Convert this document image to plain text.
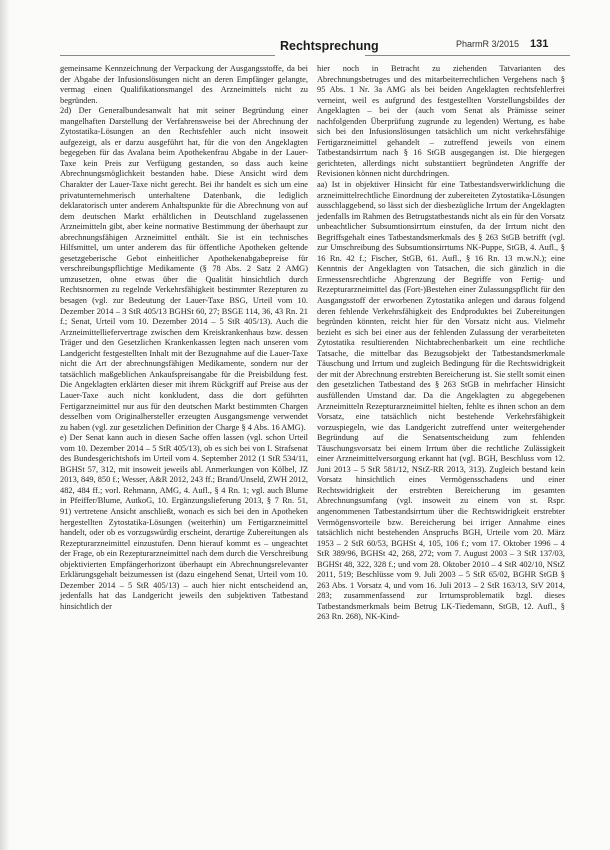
Rechtsprechung	PharmR 3/2015 131

gemeinsame Kennzeichnung der Verpackung der Ausgangsstoffe, da bei der Abgabe der Infusionslösungen nicht an deren Empfänger gelangte, vermag einen Qualifikationsmangel des Arzneimittels nicht zu begründen.

2d) Der Generalbundesanwalt hat mit seiner Begründung einer mangelhaften Darstellung der Verfahrensweise bei der Abrechnung der Zytostatika-Lösungen an den Rechtsfehler auch nicht insoweit aufgezeigt, als er darzu ausgeführt hat, für die von den Angeklagten begegeben für das Avalana beim Apothekenfrau Abgabe in der Lauer-Taxe kein Preis zur Verfügung gestanden, so dass auch keine Abrechnungsmöglichkeit bestanden habe. Diese Ansicht wird dem Charakter der Lauer-Taxe nicht gerecht. Bei ihr handelt es sich um eine privatunternehmerisch unterhaltene Datenbank, die lediglich deklaratorisch unter anderem Anhaltspunkte für die Abrechnung von auf dem deutschen Markt erhältlichen in Deutschland zugelassenen Arzneimitteln gibt, aber keine normative Bestimmung der überhaupt zur abrechnungsfähigen Arzneimittel enthält. Sie ist ein technisches Hilfsmittel, um unter anderem das für öffentliche Apotheken geltende gesetzgeberische Gebot einheitlicher Apothekenabgabepreise für verschreibungspflichtige Medikamente (§ 78 Abs. 2 Satz 2 AMG) umzusetzen, ohne etwas über die Qualität hinsichtlich durch Rechtsnormen zu regelnde Verkehrsfähigkeit bestimmter Rezepturen zu besagen (vgl. zur Bedeutung der Lauer-Taxe BSG, Urteil vom 10. Dezember 2014 – 3 StR 405/13 BGHSt 60, 27; BSGE 114, 36, 43 Rn. 21 f.; Senat, Urteil vom 10. Dezember 2014 – 5 StR 405/13). Auch die Arzneimittelliefervertrage zwischen dem Kreiskrankenhaus bzw. dessen Träger und den Gesetzlichen Krankenkassen legten nach unseren vom Landgericht festgestellten Inhalt mit der Bezugnahme auf die Lauer-Taxe nicht die Art der abrechnungsfähigen Medikamente, sondern nur der tatsächlich maßgeblichen Ankaufspreisangabe für die Preisbildung fest. Die Angeklagten erklärten dieser mit ihrem Rückgriff auf Preise aus der Lauer-Taxe auch nicht konkludent, dass die dort geführten Fertigarzneimittel nur aus für den deutschen Markt bestimmten Chargen desselben vom Originalhersteller erzeugten Ausgangsmenge verwendet zu haben (vgl. zur gesetzlichen Definition der Charge § 4 Abs. 16 AMG).

e) Der Senat kann auch in diesen Sache offen lassen (vgl. schon Urteil vom 10. Dezember 2014 – 5 StR 405/13), ob es sich bei von I. Strafsenat des Bundesgerichtshofs im Urteil vom 4. September 2012 (1 StR 534/11, BGHSt 57, 312, mit insoweit jeweils abl. Anmerkungen von Kölbel, JZ 2013, 849, 850 f.; Wesser, A&R 2012, 243 ff.; Brand/Unseld, ZWH 2012, 482, 484 ff.; vorl. Rehmann, AMG, 4. Aufl., § 4 Rn. 1; vgl. auch Blume in Pfeiffer/Blume, AutkoG, 10. Ergänzungslieferung 2013, § 7 Rn. 51, 91) vertretene Ansicht anschließt, wonach es sich bei den in Apotheken hergestellten Zytostatika-Lösungen (weiterhin) um Fertigarzneimittel handelt, oder ob es vorzugswürdig erscheint, derartige Zubereitungen als Rezepturarzneimittel einzustufen. Denn hierauf kommt es – ungeachtet der Frage, ob ein Rezepturarzneimittel nach dem durch die Verschreibung objektivierten Empfängerhorizont überhaupt ein Abrechnungsrelevanter Erklärungsgehalt beizumessen ist (dazu eingehend Senat, Urteil vom 10. Dezember 2014 – 5 StR 405/13) – auch hier nicht entscheidend an, jedenfalls hat das Landgericht jeweils den subjektiven Tatbestand hinsichtlich der

hier noch in Betracht zu ziehenden Tatvarianten des Abrechnungsbetruges und des mitarbeiterrechtlichen Vergehens nach § 95 Abs. 1 Nr. 3a AMG als bei beiden Angeklagten rechtsfehlerfrei verneint, weil es aufgrund des festgestellten Vorstellungsbildes der Angeklagten – bei der (auch vom Senat als Prämisse seiner nachfolgenden Überprüfung zugrunde zu legenden) Wertung, es habe sich bei den Infusionslösungen tatsächlich um nicht verkehrsfähige Fertigarzneimittel gehandelt – zutreffend jeweils von einem Tatbestandsirrtum nach § 16 StGB ausgegangen ist. Die hiergegen gerichteten, allerdings nicht substantiiert begründeten Angriffe der Revisionen können nicht durchdringen.

aa) Ist in objektiver Hinsicht für eine Tatbestandsverwirklichung die arzneimittelrechtliche Einordnung der zubereiteten Zytostatika-Lösungen ausschlaggebend, so lässt sich der diesbezügliche Irrtum der Angeklagten jedenfalls im Rahmen des Betrugstatbestands nicht als ein für den Vorsatz unbeachtlicher Subsumtionsirrtum einstufen, da der Irrtum nicht den Begriffsgehalt eines Tatbestandsmerkmals des § 263 StGB betrifft (vgl. zur Umschreibung des Subsumtionsirrtums NK-Puppe, StGB, 4. Aufl., § 16 Rn. 42 f.; Fischer, StGB, 61. Aufl., § 16 Rn. 13 m.w.N.); eine Kenntnis der Angeklagten von Tatsachen, die sich gänzlich in die Ermessensrechtliche Abgrenzung der Begriffe von Fertig- und Rezepturarzneimittel das (Fort-)Bestehen einer Zulassungspflicht für den Ausgangsstoff der erworbenen Zytostatika anlegen und daraus folgend deren fehlende Verkehrsfähigkeit des Endproduktes bei Zubereitungen begründen könnten, reicht hier für den Vorsatz nicht aus. Vielmehr bezieht es sich bei einer aus der fehlenden Zulassung der verarbeiteten Zytostatika resultierenden Nichtabrechenbarkeit um eine rechtliche Tatsache, die mittelbar das Bezugsobjekt der Tatbestandsmerkmale Täuschung und Irrtum und zugleich Bedingung für die Rechtswidrigkeit der mit der Abrechnung erstrebten Bereicherung ist. Sie stellt somit einen den gesetzlichen Tatbestand des § 263 StGB in mehrfacher Hinsicht ausfüllenden Umstand dar. Da die Angeklagten zu abgegebenen Arzneimitteln Rezepturarzneimittel hielten, fehlte es ihnen schon an dem Vorsatz, eine tatsächlich nicht bestehende Verkehrsfähigkeit vorzuspiegeln, wie das Landgericht zutreffend unter weitergehender Begründung auf die Senatsentscheidung zum fehlenden Täuschungsvorsatz bei einem Irrtum über die rechtliche Zulässigkeit einer Arzneimittelversorgung erkannt hat (vgl. BGH, Beschluss vom 12. Juni 2013 – 5 StR 581/12, NStZ-RR 2013, 313). Zugleich bestand kein Vorsatz hinsichtlich eines Vermögensschadens und einer Rechtswidrigkeit der erstrebten Bereicherung im gesamten Abrechnungsumfang (vgl. insoweit zu einem von st. Rspr. angenommenen Tatbestandsirrtum über die Rechtswidrigkeit erstrebter Vermögensvorteile bzw. Bereicherung bei irriger Annahme eines tatsächlich nicht bestehenden Anspruchs BGH, Urteile vom 20. März 1953 – 2 StR 60/53, BGHSt 4, 105, 106 f.; vom 17. Oktober 1996 – 4 StR 389/96, BGHSt 42, 268, 272; vom 7. August 2003 – 3 StR 137/03, BGHSt 48, 322, 328 f.; und vom 28. Oktober 2010 – 4 StR 402/10, NStZ 2011, 519; Beschlüsse vom 9. Juli 2003 – 5 StR 65/02, BGHR StGB § 263 Abs. 1 Vorsatz 4, und vom 16. Juli 2013 – 2 StR 163/13, StV 2014, 283; zusammenfassend zur Irrtumsproblematik bzgl. dieses Tatbestandsmerkmals beim Betrug LK-Tiedemann, StGB, 12. Aufl., § 263 Rn. 268), NK-Kind-
